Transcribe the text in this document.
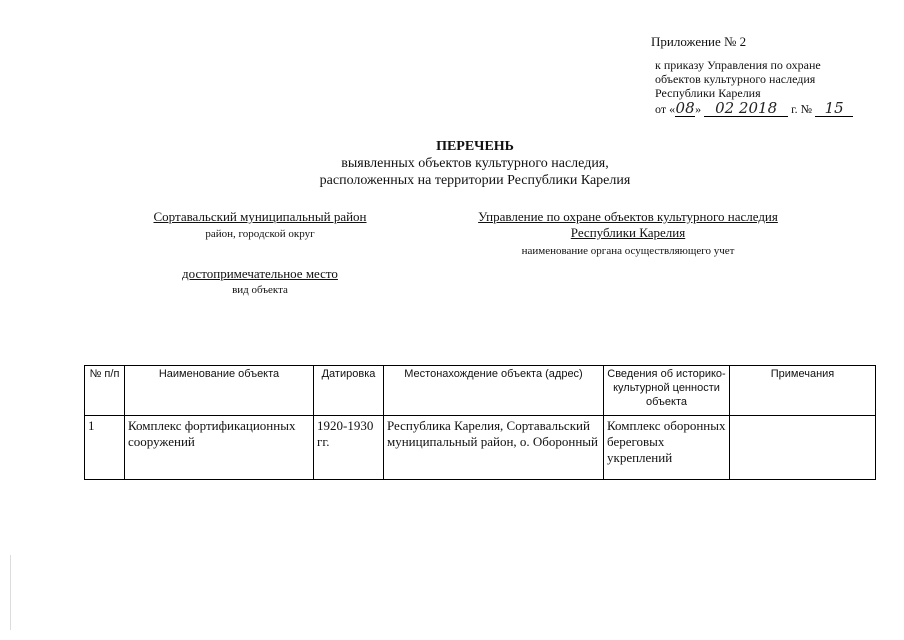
Приложение № 2
к приказу Управления по охране
объектов культурного наследия
Республики Карелия
от «08» 02 2018 г. № 15
ПЕРЕЧЕНЬ
выявленных объектов культурного наследия,
расположенных на территории Республики Карелия
Сортавальский муниципальный район
район, городской округ
достопримечательное место
вид объекта
Управление по охране объектов культурного наследия
Республики Карелия
наименование органа осуществляющего учет
№ п/п	Наименование объекта	Датировка	Местонахождение объекта (адрес)	Сведения об историко-культурной ценности объекта	Примечания
1	Комплекс фортификационных сооружений	1920-1930 гг.	Республика Карелия, Сортавальский муниципальный район, о. Оборонный	Комплекс оборонных береговых укреплений	
